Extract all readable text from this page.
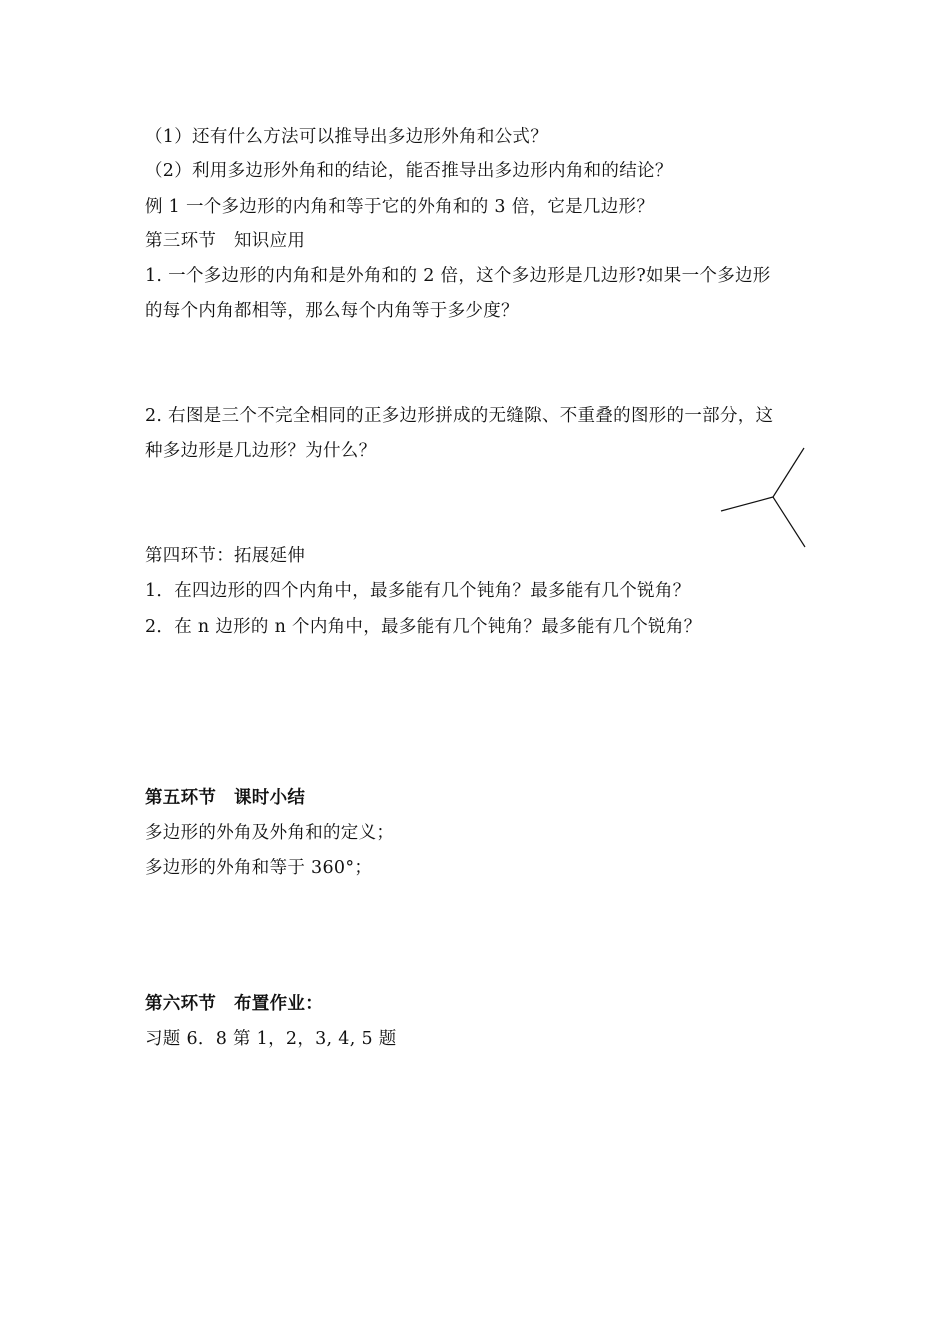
（1）还有什么方法可以推导出多边形外角和公式？
（2）利用多边形外角和的结论，能否推导出多边形内角和的结论？
例 1 一个多边形的内角和等于它的外角和的 3 倍，它是几边形？
第三环节　知识应用
1. 一个多边形的内角和是外角和的 2 倍，这个多边形是几边形?如果一个多边形
的每个内角都相等，那么每个内角等于多少度？
2. 右图是三个不完全相同的正多边形拼成的无缝隙、不重叠的图形的一部分，这
种多边形是几边形？为什么？
第四环节：拓展延伸
1．在四边形的四个内角中，最多能有几个钝角？最多能有几个锐角？
2．在 n 边形的 n 个内角中，最多能有几个钝角？最多能有几个锐角？
第五环节　课时小结
多边形的外角及外角和的定义；
多边形的外角和等于 360°；
第六环节　布置作业：
习题 6．8 第 1，2，3, 4, 5 题
